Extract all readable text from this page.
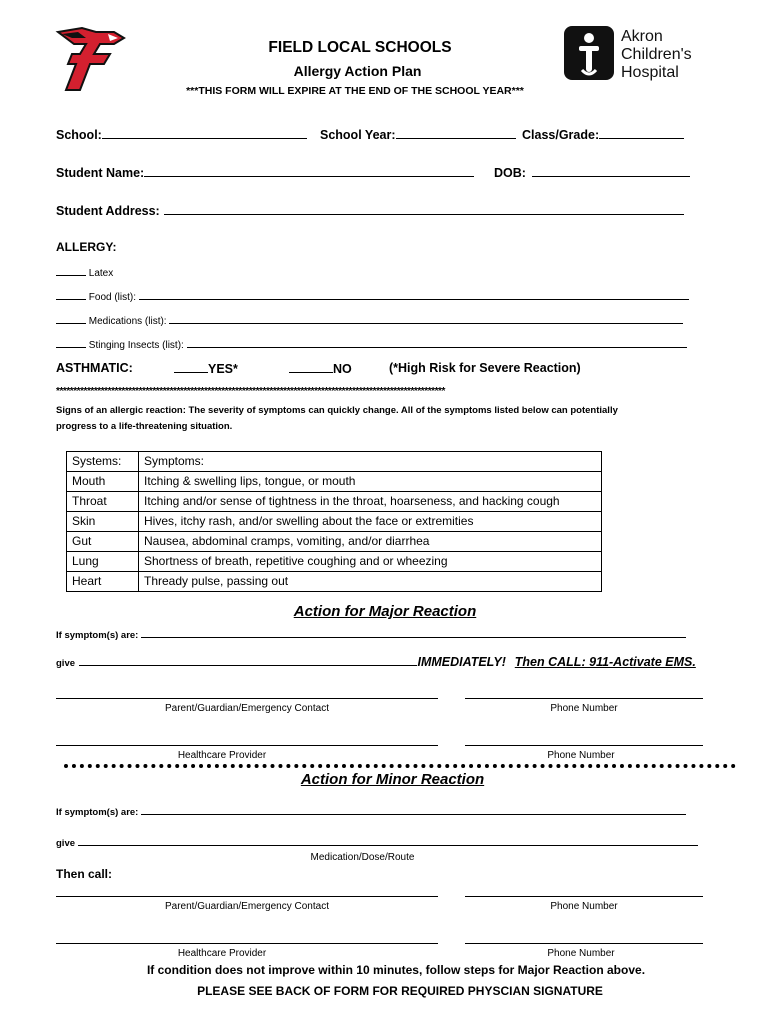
Akron
Children's
Hospital
FIELD LOCAL SCHOOLS
Allergy Action Plan
***THIS FORM WILL EXPIRE AT THE END OF THE SCHOOL YEAR***
School:	School Year:	Class/Grade:
Student Name:	DOB:
Student Address:
ALLERGY:
Latex
Food (list):
Medications (list):
Stinging Insects (list):
ASTHMATIC:	YES*	NO	(*High Risk for Severe Reaction)
*****************************************************************************************************************
Signs of an allergic reaction: The severity of symptoms can quickly change. All of the symptoms listed below can potentially
progress to a life-threatening situation.
Systems:	Symptoms:
Mouth	Itching & swelling lips, tongue, or mouth
Throat	Itching and/or sense of tightness in the throat, hoarseness, and hacking cough
Skin	Hives, itchy rash, and/or swelling about the face or extremities
Gut	Nausea, abdominal cramps, vomiting, and/or diarrhea
Lung	Shortness of breath, repetitive coughing and or wheezing
Heart	Thready pulse, passing out
Action for Major Reaction
If symptom(s) are:
give	IMMEDIATELY! Then CALL: 911-Activate EMS.
Parent/Guardian/Emergency Contact	Phone Number
Healthcare Provider	Phone Number
Action for Minor Reaction
If symptom(s) are:
give
Medication/Dose/Route
Then call:
Parent/Guardian/Emergency Contact	Phone Number
Healthcare Provider	Phone Number
If condition does not improve within 10 minutes, follow steps for Major Reaction above.
PLEASE SEE BACK OF FORM FOR REQUIRED PHYSCIAN SIGNATURE
